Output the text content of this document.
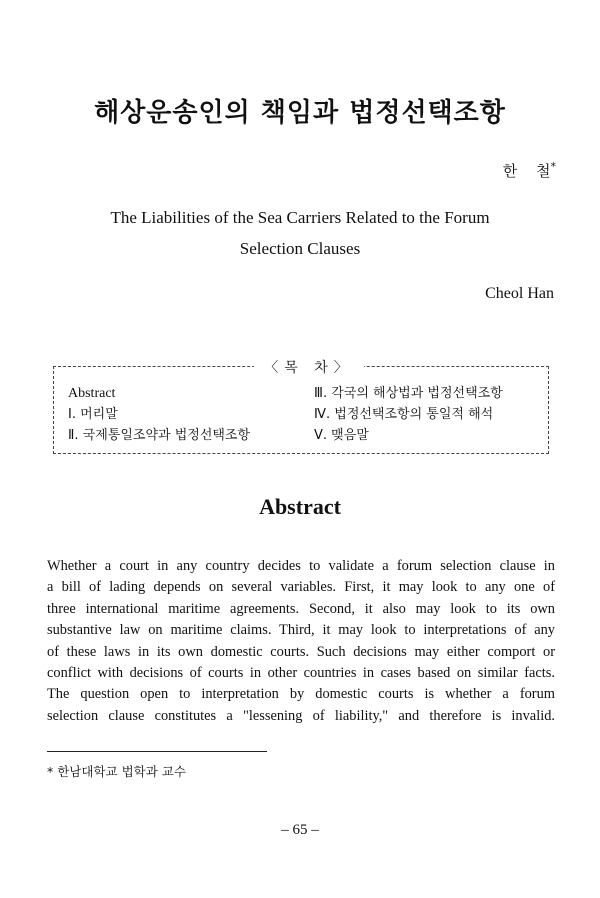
해상운송인의 책임과 법정선택조항
한 철*
The Liabilities of the Sea Carriers Related to the Forum
Selection Clauses
Cheol Han
〈목 차〉
Abstract
Ⅰ. 머리말
Ⅱ. 국제통일조약과 법정선택조항
Ⅲ. 각국의 해상법과 법정선택조항
Ⅳ. 법정선택조항의 통일적 해석
Ⅴ. 맺음말
Abstract
Whether a court in any country decides to validate a forum selection clause in
a bill of lading depends on several variables. First, it may look to any one of
three international maritime agreements. Second, it also may look to its own
substantive law on maritime claims. Third, it may look to interpretations of any
of these laws in its own domestic courts. Such decisions may either comport or
conflict with decisions of courts in other countries in cases based on similar facts.
The question open to interpretation by domestic courts is whether a forum
selection clause constitutes a "lessening of liability," and therefore is invalid.
* 한남대학교 법학과 교수
– 65 –
